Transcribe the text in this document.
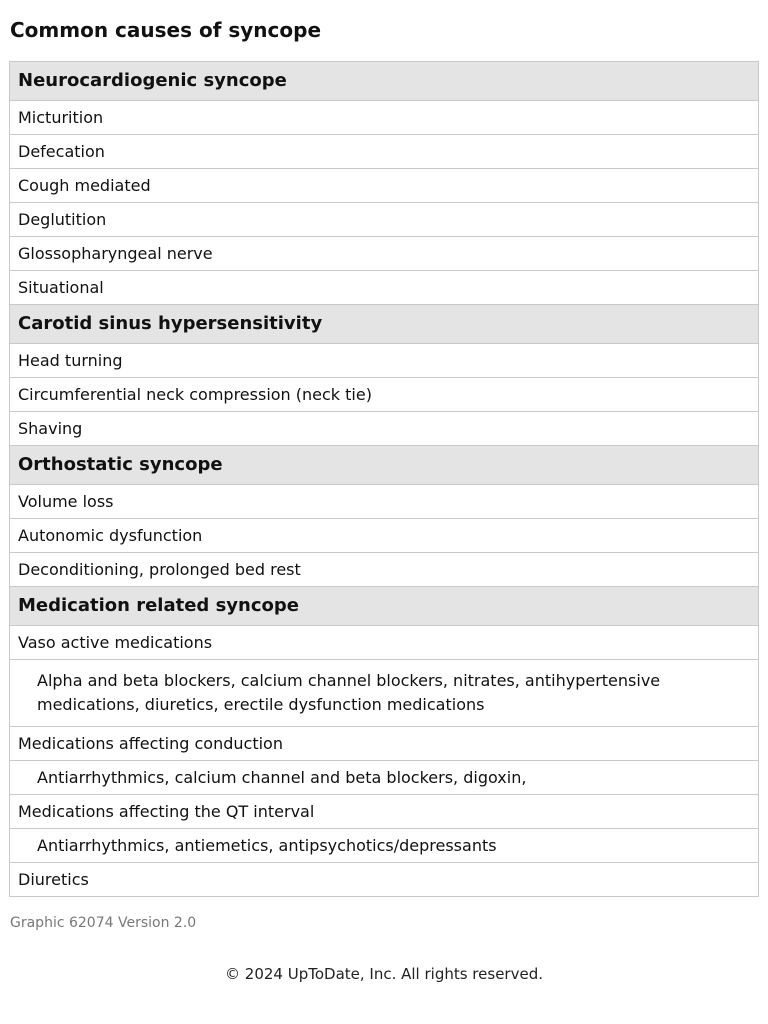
Common causes of syncope
Neurocardiogenic syncope
Micturition
Defecation
Cough mediated
Deglutition
Glossopharyngeal nerve
Situational
Carotid sinus hypersensitivity
Head turning
Circumferential neck compression (neck tie)
Shaving
Orthostatic syncope
Volume loss
Autonomic dysfunction
Deconditioning, prolonged bed rest
Medication related syncope
Vaso active medications
Alpha and beta blockers, calcium channel blockers, nitrates, antihypertensive medications, diuretics, erectile dysfunction medications
Medications affecting conduction
Antiarrhythmics, calcium channel and beta blockers, digoxin,
Medications affecting the QT interval
Antiarrhythmics, antiemetics, antipsychotics/depressants
Diuretics
Graphic 62074 Version 2.0
© 2024 UpToDate, Inc. All rights reserved.
